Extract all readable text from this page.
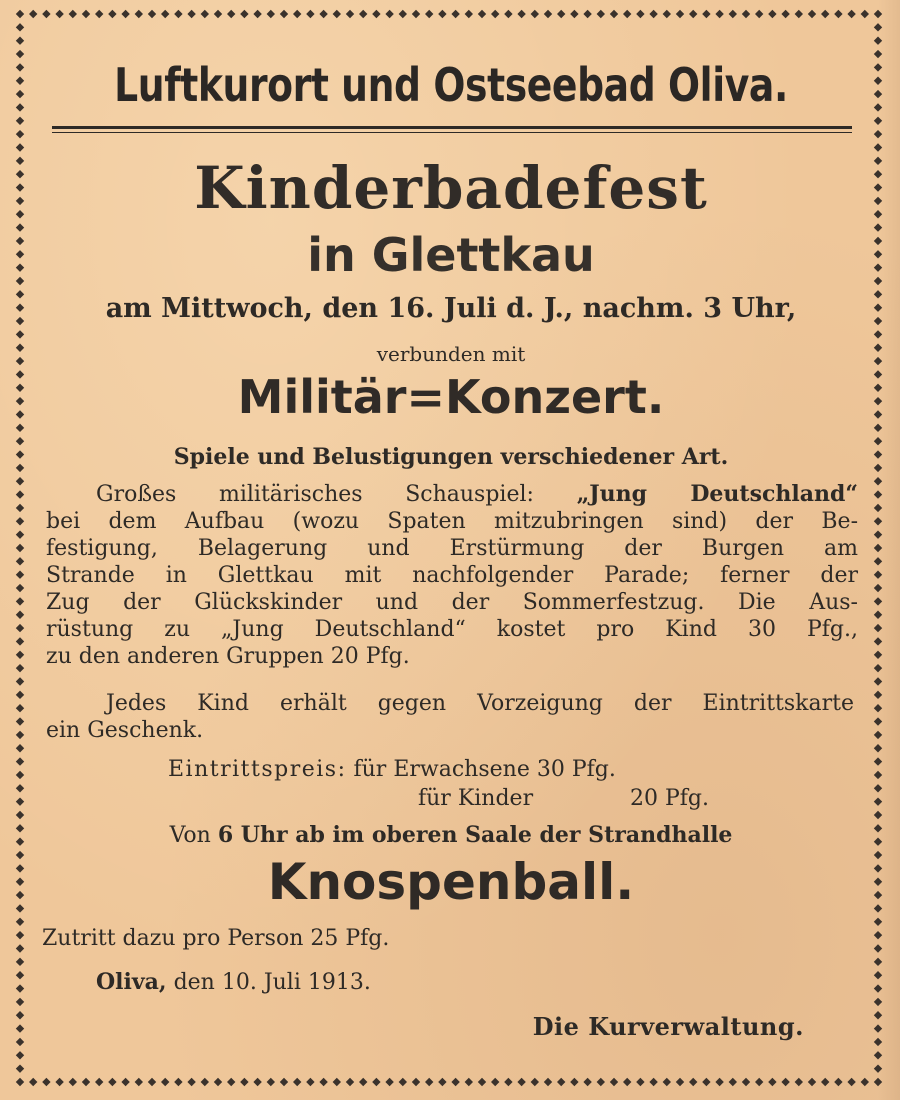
Luftkurort und Ostseebad Oliva.
Kinderbadefest
in Glettkau
am Mittwoch, den 16. Juli d. J., nachm. 3 Uhr,
verbunden mit
Militär=Konzert.
Spiele und Belustigungen verschiedener Art.
Großes militärisches Schauspiel: „Jung Deutschland“
bei dem Aufbau (wozu Spaten mitzubringen sind) der Be-
festigung, Belagerung und Erstürmung der Burgen am
Strande in Glettkau mit nachfolgender Parade; ferner der
Zug der Glückskinder und der Sommerfestzug. Die Aus-
rüstung zu „Jung Deutschland“ kostet pro Kind 30 Pfg.,
zu den anderen Gruppen 20 Pfg.
Jedes Kind erhält gegen Vorzeigung der Eintrittskarte
ein Geschenk.
Eintrittspreis: für Erwachsene 30 Pfg.
für Kinder	20 Pfg.
Von 6 Uhr ab im oberen Saale der Strandhalle
Knospenball.
Zutritt dazu pro Person 25 Pfg.
Oliva, den 10. Juli 1913.
Die Kurverwaltung.
